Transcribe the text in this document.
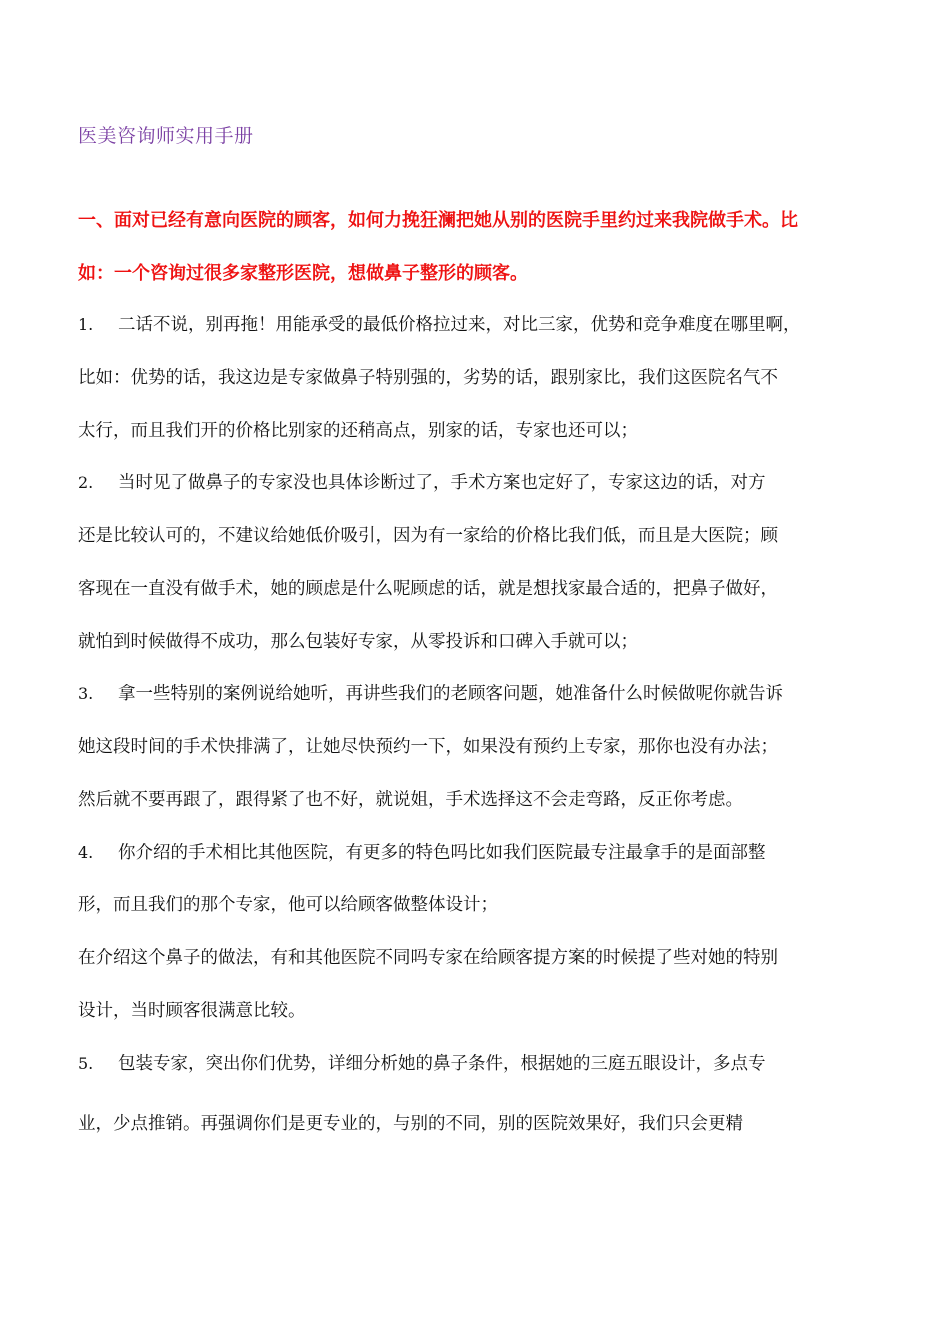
医美咨询师实用手册
一、面对已经有意向医院的顾客，如何力挽狂澜把她从别的医院手里约过来我院做手术。比
如：一个咨询过很多家整形医院，想做鼻子整形的顾客。
1. 二话不说，别再拖！用能承受的最低价格拉过来，对比三家，优势和竞争难度在哪里啊，
比如：优势的话，我这边是专家做鼻子特别强的，劣势的话，跟别家比，我们这医院名气不
太行，而且我们开的价格比别家的还稍高点，别家的话，专家也还可以；
2. 当时见了做鼻子的专家没也具体诊断过了，手术方案也定好了，专家这边的话，对方
还是比较认可的，不建议给她低价吸引，因为有一家给的价格比我们低，而且是大医院；顾
客现在一直没有做手术，她的顾虑是什么呢顾虑的话，就是想找家最合适的，把鼻子做好，
就怕到时候做得不成功，那么包装好专家，从零投诉和口碑入手就可以；
3. 拿一些特别的案例说给她听，再讲些我们的老顾客问题，她准备什么时候做呢你就告诉
她这段时间的手术快排满了，让她尽快预约一下，如果没有预约上专家，那你也没有办法；
然后就不要再跟了，跟得紧了也不好，就说姐，手术选择这不会走弯路，反正你考虑。
4. 你介绍的手术相比其他医院，有更多的特色吗比如我们医院最专注最拿手的是面部整
形，而且我们的那个专家，他可以给顾客做整体设计；
在介绍这个鼻子的做法，有和其他医院不同吗专家在给顾客提方案的时候提了些对她的特别
设计，当时顾客很满意比较。
5. 包装专家，突出你们优势，详细分析她的鼻子条件，根据她的三庭五眼设计，多点专
业，少点推销。再强调你们是更专业的，与别的不同，别的医院效果好，我们只会更精
